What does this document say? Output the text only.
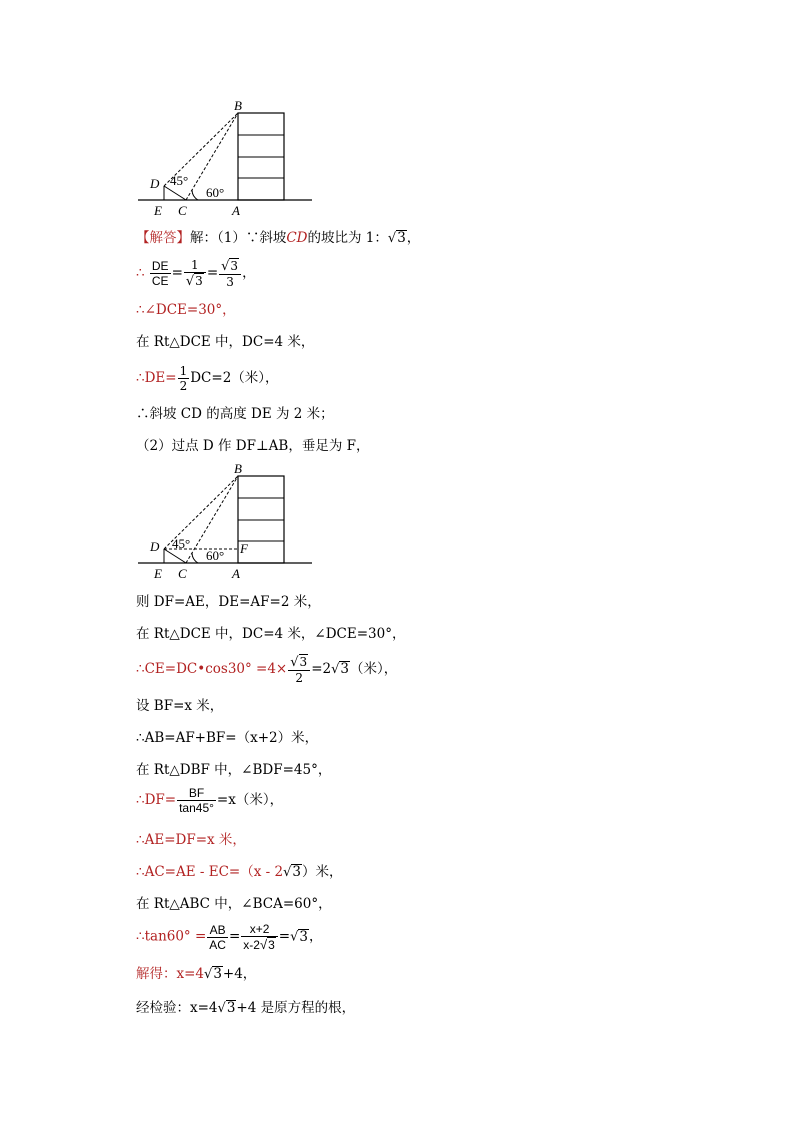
B
D 45°
60°
E C	A
【解答】解：（1）∵斜坡CD的坡比为 1：√3，
∴ $\frac{DE}{CE} = \frac{1}{√3} = \frac{√3}{3}$ ，
∴∠DCE=30°，
在 Rt△DCE 中，DC=4 米，
∴DE= $\frac{1}{2} DC=2$（米），
∴斜坡 CD 的高度 DE 为 2 米；
（2）过点 D 作 DF⊥AB，垂足为 F，
B
D 45°
60° F
E C	A
则 DF=AE，DE=AF=2 米，
在 Rt△DCE 中，DC=4 米，∠DCE=30°，
∴CE=DC•cos30° $=4\times \frac{√3}{2} =2√3$（米），
设 BF=x 米，
∴AB=AF+BF=（x+2）米，
在 Rt△DBF 中，∠BDF=45°，
∴DF= $\frac{BF}{\tan 45^\circ} =x$（米），
∴AE=DF=x 米，
∴AC=AE - EC=（x - 2√3）米，
在 Rt△ABC 中，∠BCA=60°，
∴tan60° = $\frac{AB}{AC} = \frac{x+2}{x-2√3} =√3$，
解得：x=4√3+4，
经检验：x=4√3+4 是原方程的根，
